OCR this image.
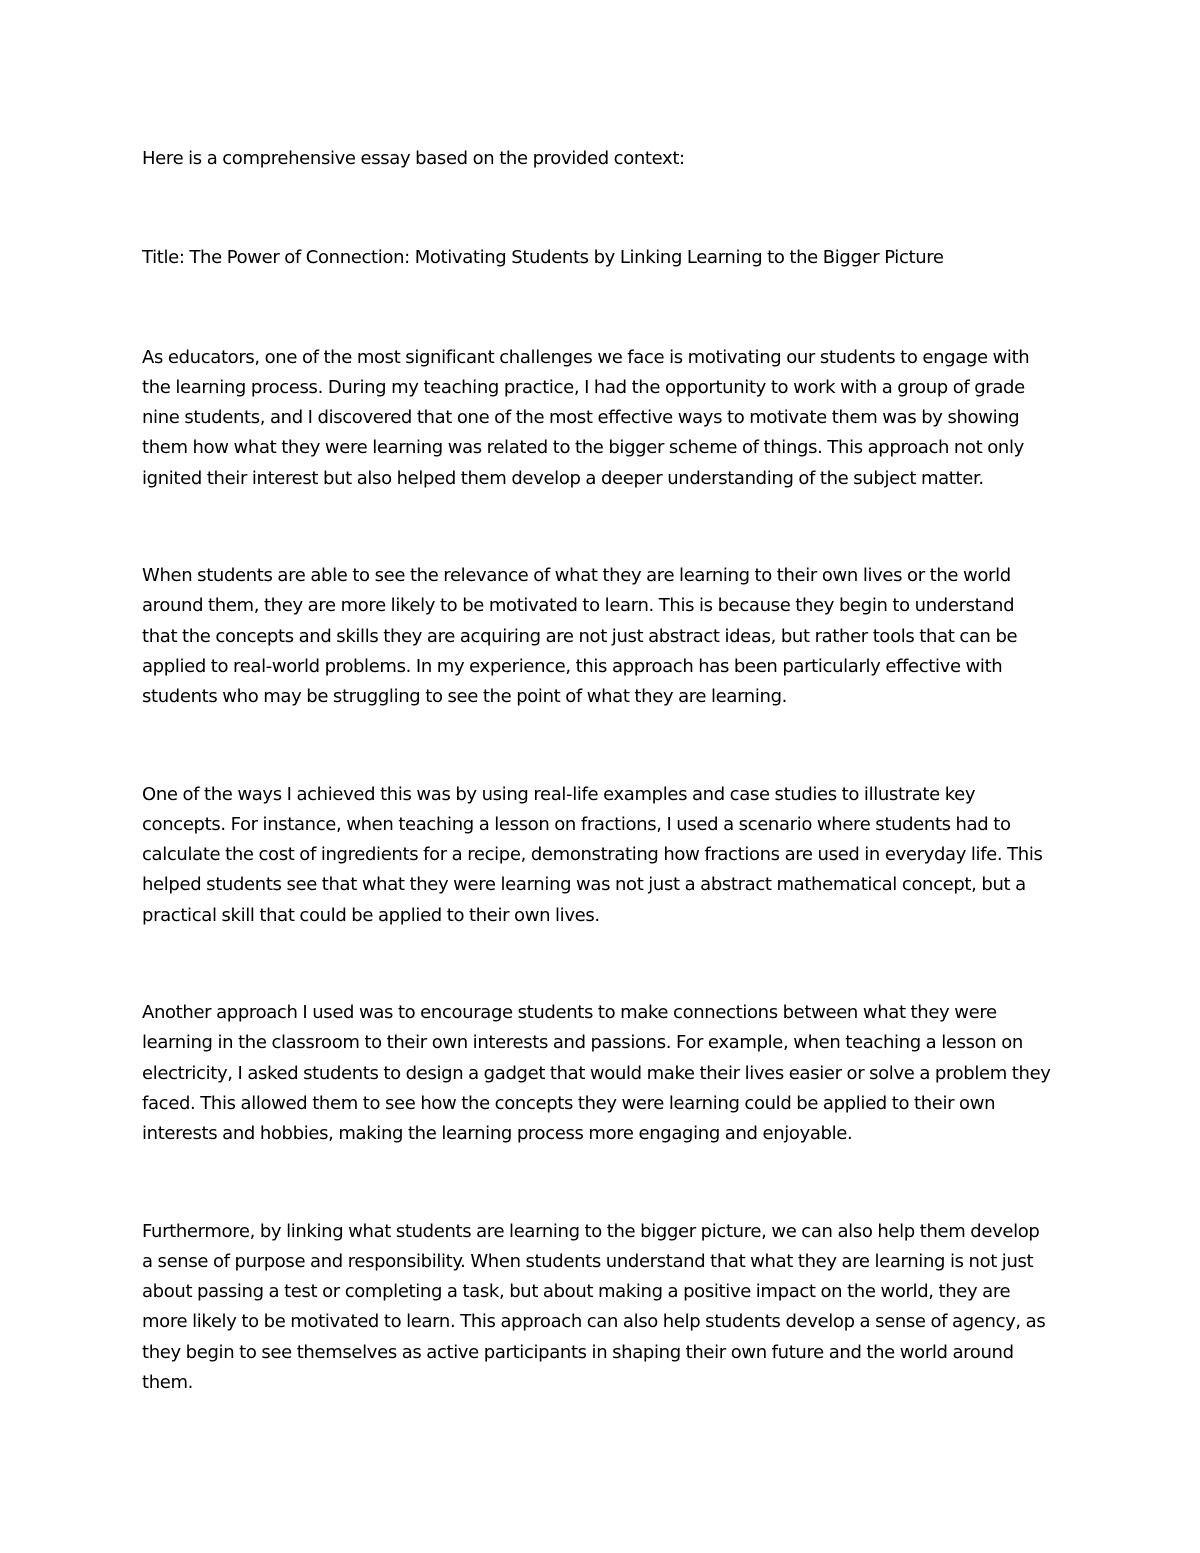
Here is a comprehensive essay based on the provided context:
Title: The Power of Connection: Motivating Students by Linking Learning to the Bigger Picture
As educators, one of the most significant challenges we face is motivating our students to engage with
the learning process. During my teaching practice, I had the opportunity to work with a group of grade
nine students, and I discovered that one of the most effective ways to motivate them was by showing
them how what they were learning was related to the bigger scheme of things. This approach not only
ignited their interest but also helped them develop a deeper understanding of the subject matter.
When students are able to see the relevance of what they are learning to their own lives or the world
around them, they are more likely to be motivated to learn. This is because they begin to understand
that the concepts and skills they are acquiring are not just abstract ideas, but rather tools that can be
applied to real-world problems. In my experience, this approach has been particularly effective with
students who may be struggling to see the point of what they are learning.
One of the ways I achieved this was by using real-life examples and case studies to illustrate key
concepts. For instance, when teaching a lesson on fractions, I used a scenario where students had to
calculate the cost of ingredients for a recipe, demonstrating how fractions are used in everyday life. This
helped students see that what they were learning was not just a abstract mathematical concept, but a
practical skill that could be applied to their own lives.
Another approach I used was to encourage students to make connections between what they were
learning in the classroom to their own interests and passions. For example, when teaching a lesson on
electricity, I asked students to design a gadget that would make their lives easier or solve a problem they
faced. This allowed them to see how the concepts they were learning could be applied to their own
interests and hobbies, making the learning process more engaging and enjoyable.
Furthermore, by linking what students are learning to the bigger picture, we can also help them develop
a sense of purpose and responsibility. When students understand that what they are learning is not just
about passing a test or completing a task, but about making a positive impact on the world, they are
more likely to be motivated to learn. This approach can also help students develop a sense of agency, as
they begin to see themselves as active participants in shaping their own future and the world around
them.
